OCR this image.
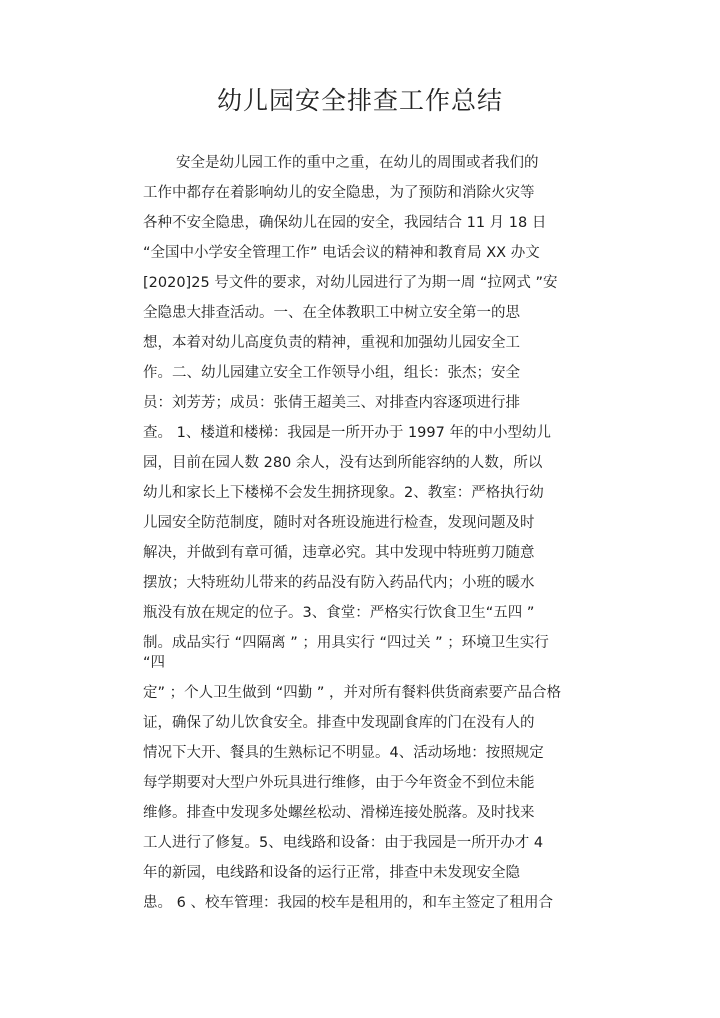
幼儿园安全排查工作总结
安全是幼儿园工作的重中之重，在幼儿的周围或者我们的
工作中都存在着影响幼儿的安全隐患，为了预防和消除火灾等
各种不安全隐患，确保幼儿在园的安全，我园结合 11 月 18 日
“全国中小学安全管理工作” 电话会议的精神和教育局 XX 办文
[2020]25 号文件的要求，对幼儿园进行了为期一周 “拉网式 ”安
全隐患大排查活动。一、在全体教职工中树立安全第一的思
想，本着对幼儿高度负责的精神，重视和加强幼儿园安全工
作。二、幼儿园建立安全工作领导小组，组长：张杰；安全
员：刘芳芳；成员：张倩王超美三、对排查内容逐项进行排
查。 1、楼道和楼梯：我园是一所开办于 1997 年的中小型幼儿
园，目前在园人数 280 余人，没有达到所能容纳的人数，所以
幼儿和家长上下楼梯不会发生拥挤现象。2、教室：严格执行幼
儿园安全防范制度，随时对各班设施进行检查，发现问题及时
解决，并做到有章可循，违章必究。其中发现中特班剪刀随意
摆放；大特班幼儿带来的药品没有防入药品代内；小班的暖水
瓶没有放在规定的位子。3、食堂：严格实行饮食卫生“五四 ”
制。成品实行 “四隔离 ” ；用具实行 “四过关 ” ；环境卫生实行
“四
定” ；个人卫生做到 “四勤 ” ，并对所有餐料供货商索要产品合格
证，确保了幼儿饮食安全。排查中发现副食库的门在没有人的
情况下大开、餐具的生熟标记不明显。4、活动场地：按照规定
每学期要对大型户外玩具进行维修，由于今年资金不到位未能
维修。排查中发现多处螺丝松动、滑梯连接处脱落。及时找来
工人进行了修复。5、电线路和设备：由于我园是一所开办才 4
年的新园，电线路和设备的运行正常，排查中未发现安全隐
患。 6 、校车管理：我园的校车是租用的，和车主签定了租用合
